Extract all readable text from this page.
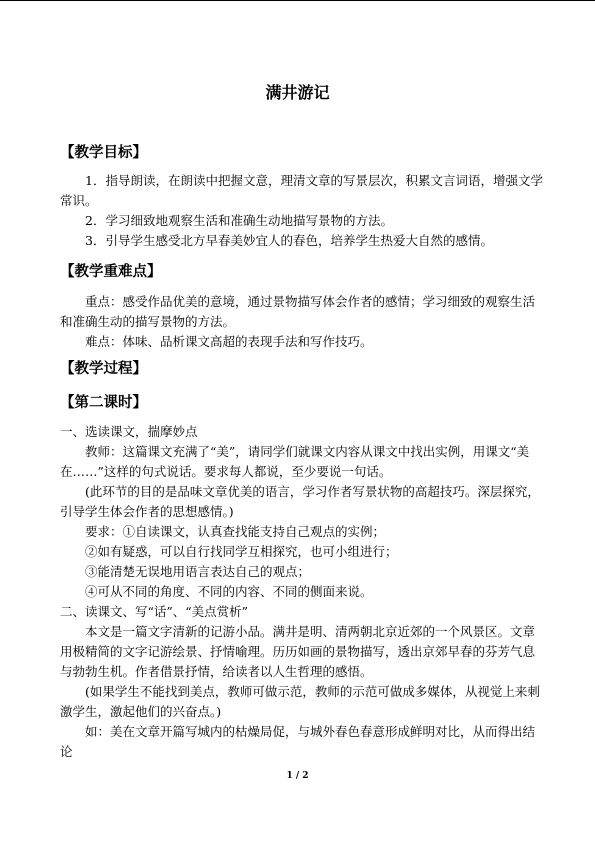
满井游记
【教学目标】
1．指导朗读，在朗读中把握文意，理清文章的写景层次，积累文言词语，增强文学常识。
2．学习细致地观察生活和准确生动地描写景物的方法。
3．引导学生感受北方早春美妙宜人的春色，培养学生热爱大自然的感情。
【教学重难点】
重点：感受作品优美的意境，通过景物描写体会作者的感情；学习细致的观察生活和准确生动的描写景物的方法。
难点：体味、品析课文高超的表现手法和写作技巧。
【教学过程】
【第二课时】
一、选读课文，揣摩妙点
教师：这篇课文充满了“美”，请同学们就课文内容从课文中找出实例，用课文“美在……”这样的句式说话。要求每人都说，至少要说一句话。
(此环节的目的是品味文章优美的语言，学习作者写景状物的高超技巧。深层探究，引导学生体会作者的思想感情。)
要求：①自读课文，认真查找能支持自己观点的实例；
②如有疑惑，可以自行找同学互相探究，也可小组进行；
③能清楚无误地用语言表达自己的观点；
④可从不同的角度、不同的内容、不同的侧面来说。
二、读课文、写“话”、“美点赏析”
本文是一篇文字清新的记游小品。满井是明、清两朝北京近郊的一个风景区。文章用极精简的文字记游绘景、抒情喻理。历历如画的景物描写，透出京郊早春的芬芳气息与勃勃生机。作者借景抒情，给读者以人生哲理的感悟。
(如果学生不能找到美点，教师可做示范，教师的示范可做成多媒体，从视觉上来刺激学生，激起他们的兴奋点。)
如：美在文章开篇写城内的枯燥局促，与城外春色春意形成鲜明对比，从而得出结论
1 / 2
